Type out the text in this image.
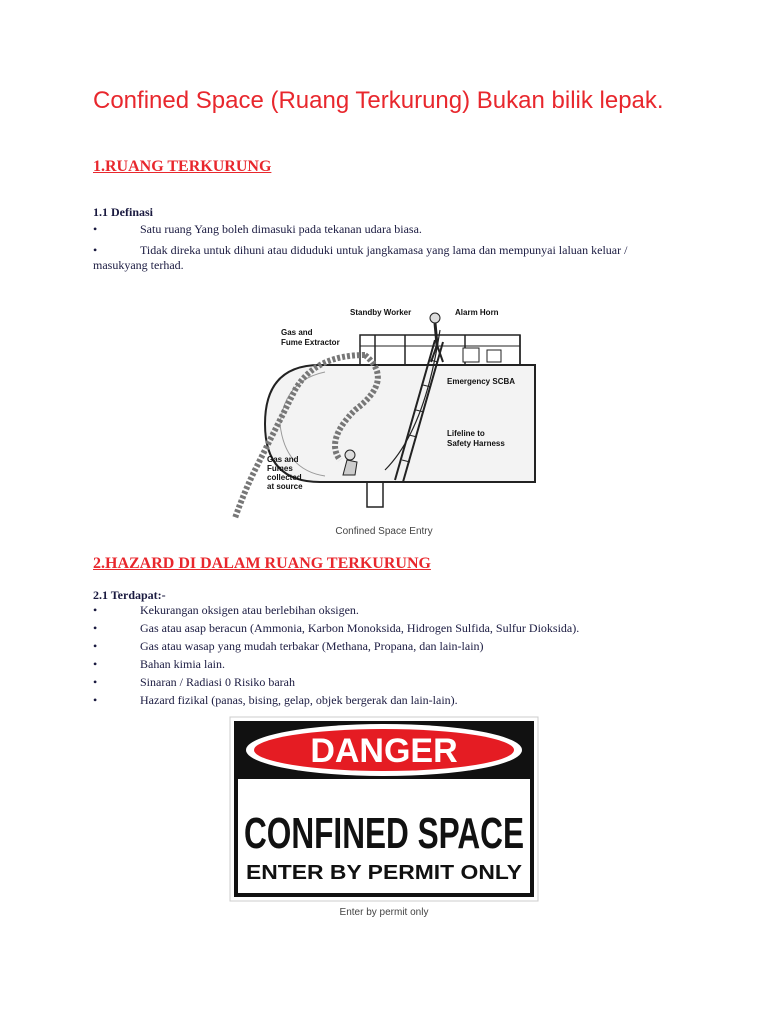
Confined Space (Ruang Terkurung) Bukan bilik lepak.
1.RUANG TERKURUNG
1.1 Definasi
•	Satu ruang Yang boleh dimasuki pada tekanan udara biasa.
•	Tidak direka untuk dihuni atau diduduki untuk jangkamasa yang lama dan mempunyai laluan keluar /
masukyang terhad.
Standby Worker	Alarm Horn
Gas and
Fume Extractor
Emergency SCBA
Lifeline to
Safety Harness
Gas and
Fumes
collected
at source
Confined Space Entry
2.HAZARD DI DALAM RUANG TERKURUNG
2.1 Terdapat:-
•	Kekurangan oksigen atau berlebihan oksigen.
•	Gas atau asap beracun (Ammonia, Karbon Monoksida, Hidrogen Sulfida, Sulfur Dioksida).
•	Gas atau wasap yang mudah terbakar (Methana, Propana, dan lain-lain)
•	Bahan kimia lain.
•	Sinaran / Radiasi 0 Risiko barah
•	Hazard fizikal (panas, bising, gelap, objek bergerak dan lain-lain).
DANGER
CONFINED SPACE
ENTER BY PERMIT ONLY
Enter by permit only
